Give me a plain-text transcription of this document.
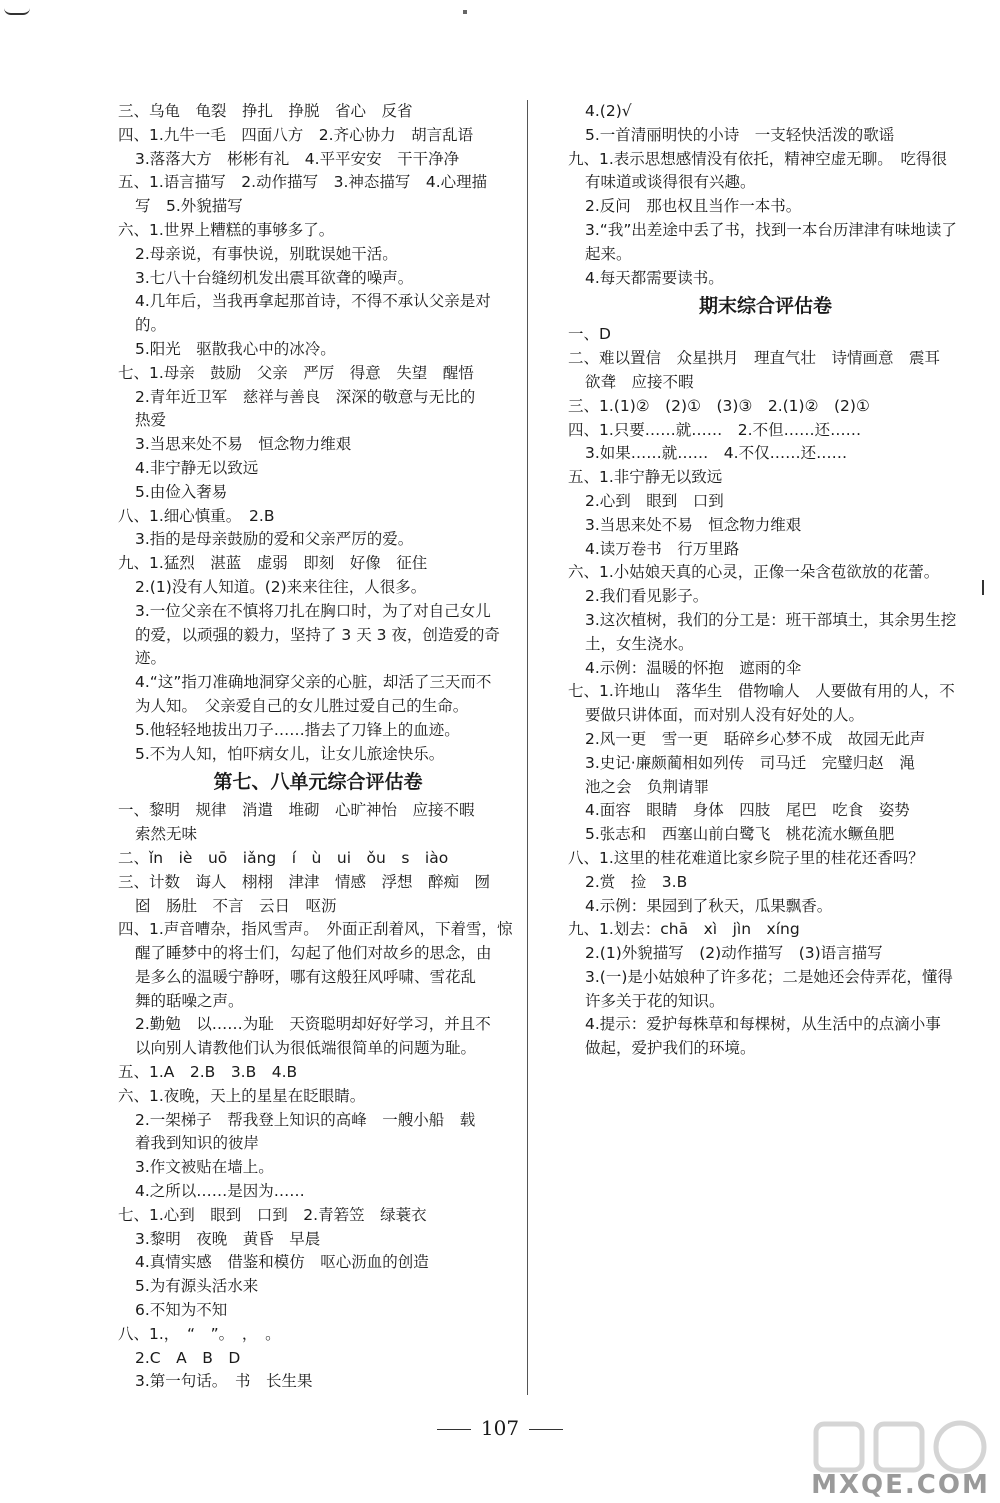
三、乌龟　龟裂　挣扎　挣脱　省心　反省
四、1.九牛一毛　四面八方　2.齐心协力　胡言乱语
3.落落大方　彬彬有礼　4.平平安安　干干净净
五、1.语言描写　2.动作描写　3.神态描写　4.心理描
写　5.外貌描写
六、1.世界上糟糕的事够多了。
2.母亲说，有事快说，别耽误她干活。
3.七八十台缝纫机发出震耳欲聋的噪声。
4.几年后，当我再拿起那首诗，不得不承认父亲是对
的。
5.阳光　驱散我心中的冰冷。
七、1.母亲　鼓励　父亲　严厉　得意　失望　醒悟
2.青年近卫军　慈祥与善良　深深的敬意与无比的
热爱
3.当思来处不易　恒念物力维艰
4.非宁静无以致远
5.由俭入奢易
八、1.细心慎重。　2.B
3.指的是母亲鼓励的爱和父亲严厉的爱。
九、1.猛烈　湛蓝　虚弱　即刻　好像　征住
2.(1)没有人知道。(2)来来往往，人很多。
3.一位父亲在不慎将刀扎在胸口时，为了对自己女儿
的爱，以顽强的毅力，坚持了 3 天 3 夜，创造爱的奇
迹。
4.“这”指刀准确地洞穿父亲的心脏，却活了三天而不
为人知。　父亲爱自己的女儿胜过爱自己的生命。
5.他轻轻地拔出刀子……揩去了刀锋上的血迹。
5.不为人知，怕吓病女儿，让女儿旅途快乐。
第七、八单元综合评估卷
一、黎明　规律　消遣　堆砌　心旷神怡　应接不暇
索然无味
二、ǐn　iè　uō　iǎng　í　ù　ui　ǒu　s　iào
三、计数　诲人　栩栩　津津　情感　浮想　醉痴　囫
囵　肠肚　不言　云日　呕沥
四、1.声音嘈杂，指风雪声。　外面正刮着风，下着雪，惊
醒了睡梦中的将士们，勾起了他们对故乡的思念，由
是多么的温暖宁静呀，哪有这般狂风呼啸、雪花乱
舞的聒噪之声。
2.勤勉　以……为耻　天资聪明却好好学习，并且不
以向别人请教他们认为很低端很简单的问题为耻。
五、1.A　2.B　3.B　4.B
六、1.夜晚，天上的星星在眨眼睛。
2.一架梯子　帮我登上知识的高峰　一艘小船　载
着我到知识的彼岸
3.作文被贴在墙上。
4.之所以……是因为……
七、1.心到　眼到　口到　2.青箬笠　绿蓑衣
3.黎明　夜晚　黄昏　早晨
4.真情实感　借鉴和模仿　呕心沥血的创造
5.为有源头活水来
6.不知为不知
八、1.，　“　”。　，　。
2.C　A　B　D
3.第一句话。　书　长生果
4.(2)√
5.一首清丽明快的小诗　一支轻快活泼的歌谣
九、1.表示思想感情没有依托，精神空虚无聊。　吃得很
有味道或谈得很有兴趣。
2.反问　那也权且当作一本书。
3.“我”出差途中丢了书，找到一本台历津津有味地读了
起来。
4.每天都需要读书。
期末综合评估卷
一、D
二、难以置信　众星拱月　理直气壮　诗情画意　震耳
欲聋　应接不暇
三、1.(1)②　(2)①　(3)③　2.(1)②　(2)①
四、1.只要……就……　2.不但……还……
3.如果……就……　4.不仅……还……
五、1.非宁静无以致远
2.心到　眼到　口到
3.当思来处不易　恒念物力维艰
4.读万卷书　行万里路
六、1.小姑娘天真的心灵，正像一朵含苞欲放的花蕾。
2.我们看见影子。
3.这次植树，我们的分工是：班干部填土，其余男生挖
土，女生浇水。
4.示例：温暖的怀抱　遮雨的伞
七、1.许地山　落华生　借物喻人　人要做有用的人，不
要做只讲体面，而对别人没有好处的人。
2.风一更　雪一更　聒碎乡心梦不成　故园无此声
3.史记·廉颇蔺相如列传　司马迁　完璧归赵　渑
池之会　负荆请罪
4.面容　眼睛　身体　四肢　尾巴　吃食　姿势
5.张志和　西塞山前白鹭飞　桃花流水鳜鱼肥
八、1.这里的桂花难道比家乡院子里的桂花还香吗？
2.赏　捡　3.B
4.示例：果园到了秋天，瓜果飘香。
九、1.划去：chā　xì　jìn　xíng
2.(1)外貌描写　(2)动作描写　(3)语言描写
3.(一)是小姑娘种了许多花；二是她还会侍弄花，懂得
许多关于花的知识。
4.提示：爱护每株草和每棵树，从生活中的点滴小事
做起，爱护我们的环境。
107
MXQE.COM
